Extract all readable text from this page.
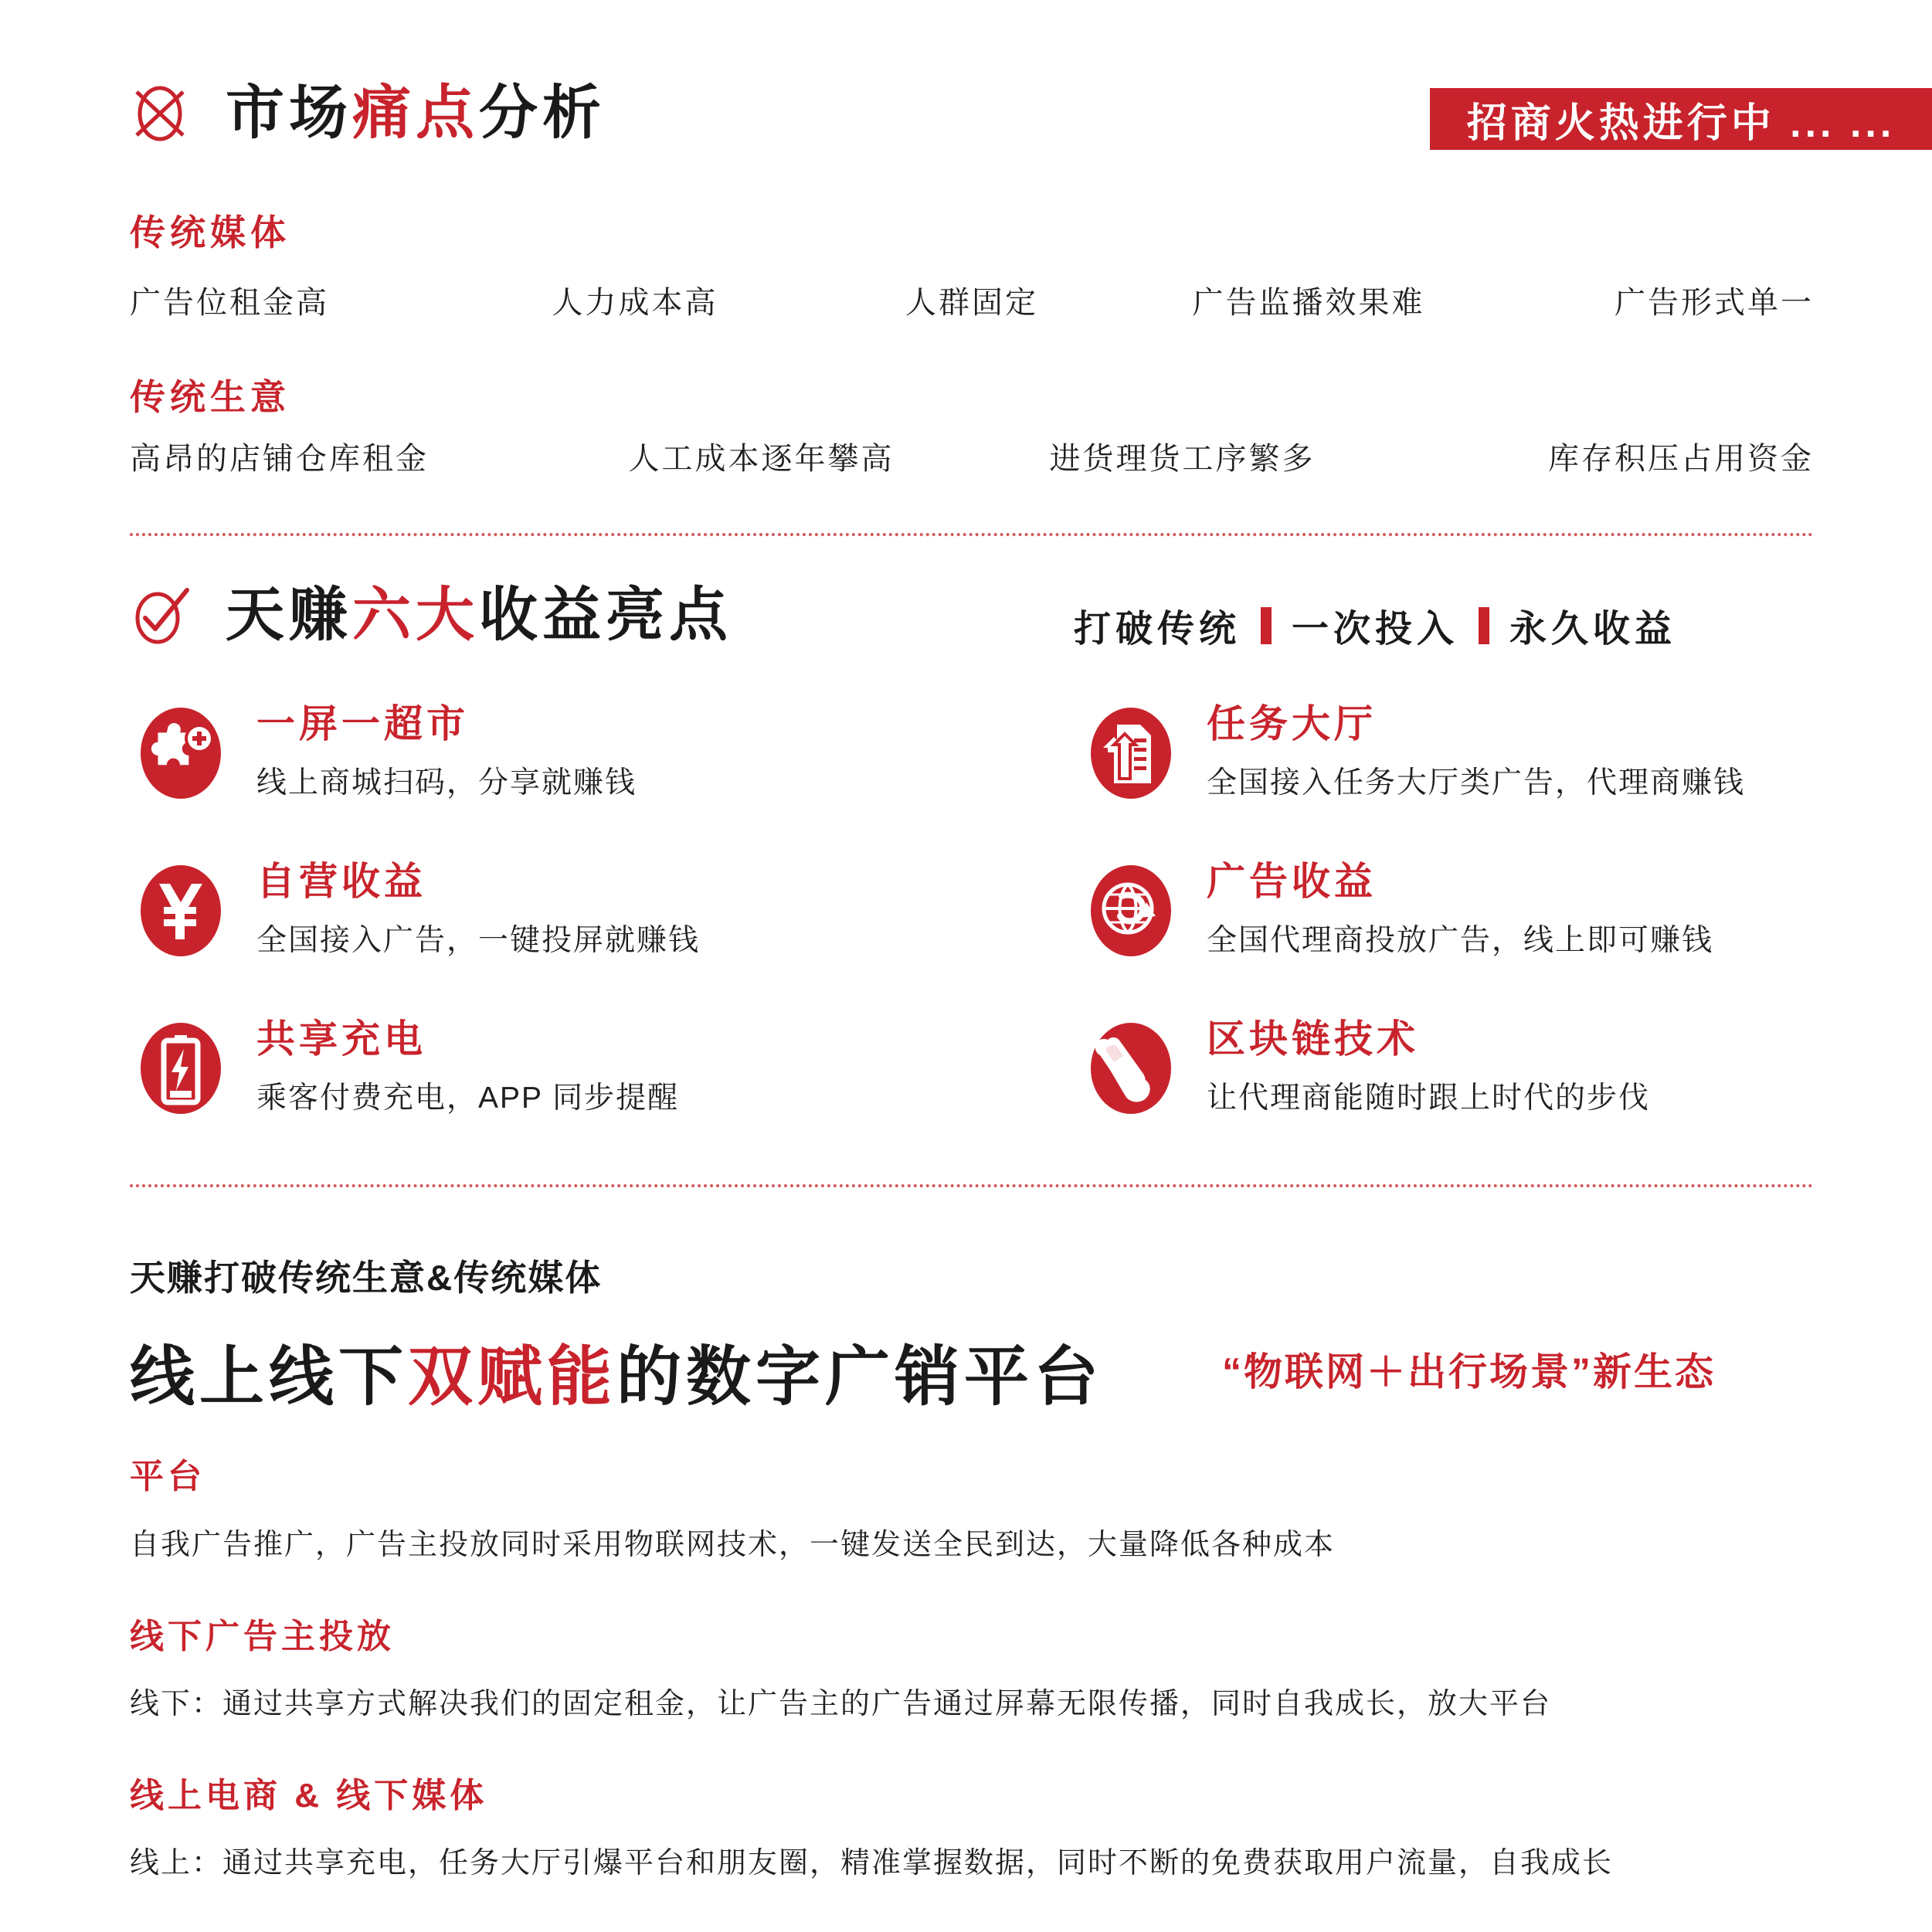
市场痛点分析	招商火热进行中 ... ...
传统媒体
广告位租金高	人力成本高	人群固定	广告监播效果难	广告形式单一
传统生意
高昂的店铺仓库租金	人工成本逐年攀高	进货理货工序繁多	库存积压占用资金
天赚六大收益亮点	打破传统 一次投入 永久收益
一屏一超市
线上商城扫码，分享就赚钱
任务大厅
全国接入任务大厅类广告，代理商赚钱
自营收益
全国接入广告，一键投屏就赚钱
广告收益
全国代理商投放广告，线上即可赚钱
共享充电
乘客付费充电，APP 同步提醒
区块链技术
让代理商能随时跟上时代的步伐
天赚打破传统生意&传统媒体
线上线下双赋能的数字广销平台	“物联网＋出行场景”新生态
平台
自我广告推广，广告主投放同时采用物联网技术，一键发送全民到达，大量降低各种成本
线下广告主投放
线下：通过共享方式解决我们的固定租金，让广告主的广告通过屏幕无限传播，同时自我成长，放大平台
线上电商 & 线下媒体
线上：通过共享充电，任务大厅引爆平台和朋友圈，精准掌握数据，同时不断的免费获取用户流量，自我成长
